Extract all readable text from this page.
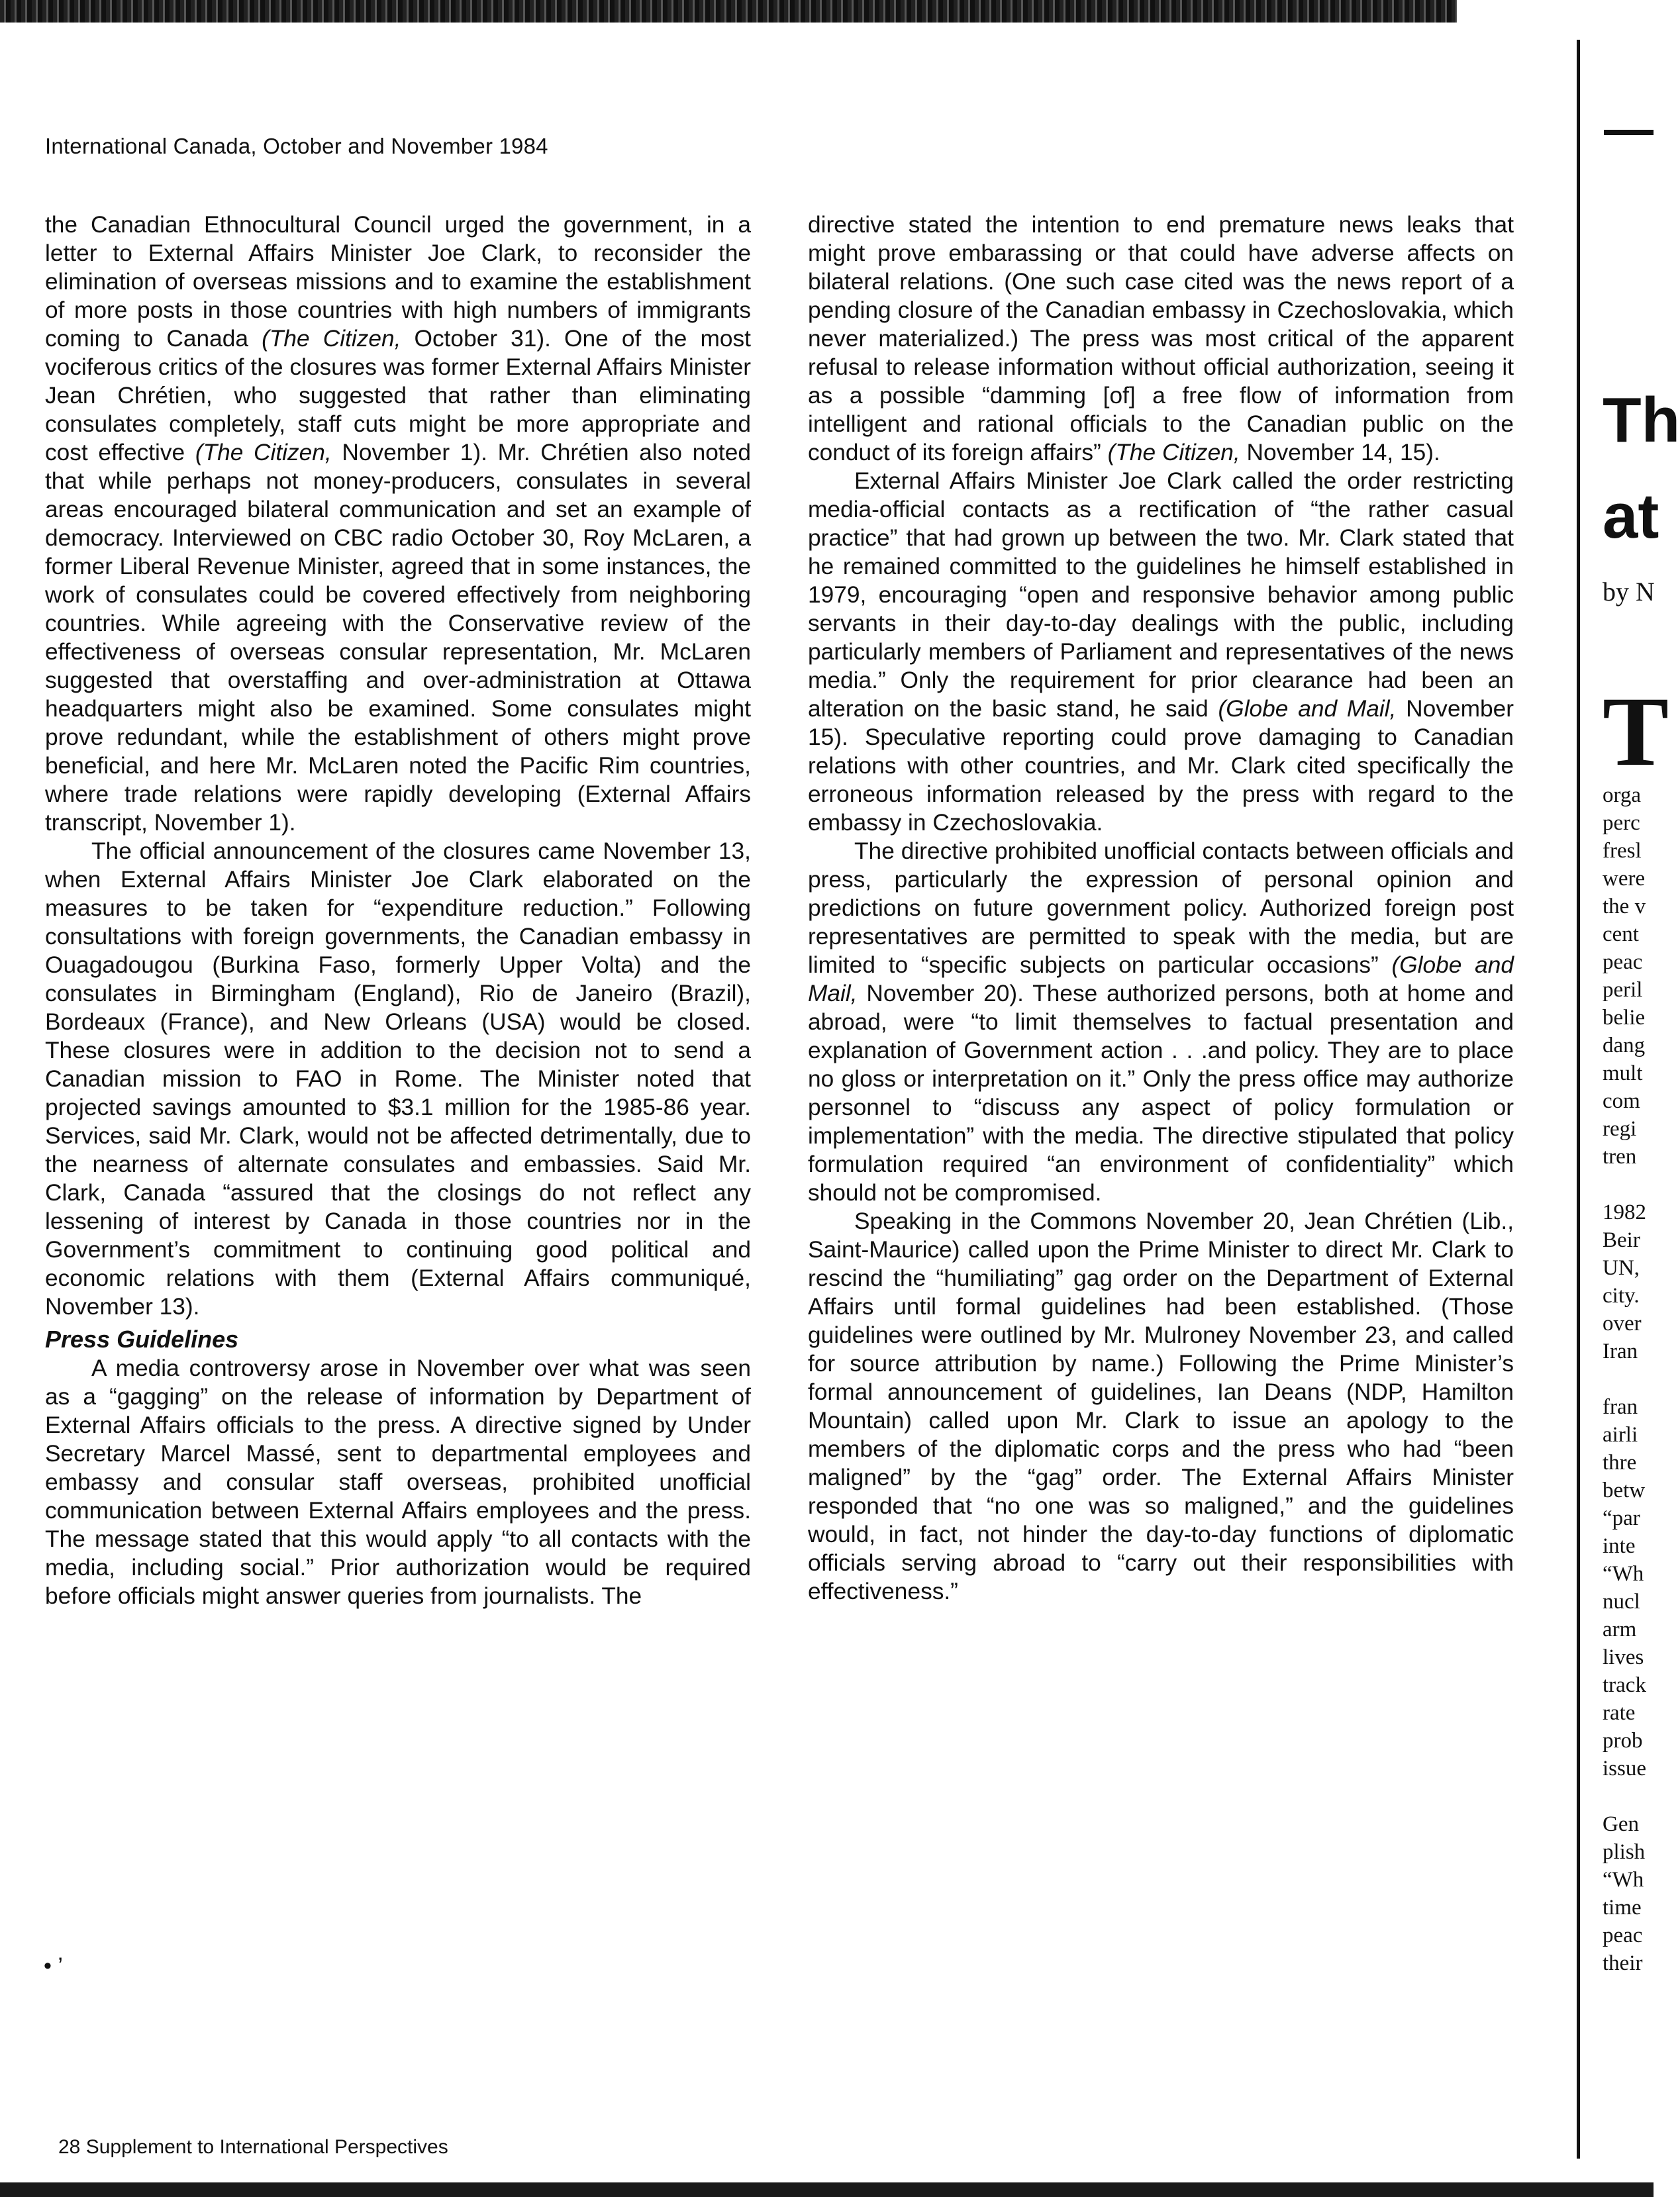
International Canada, October and November 1984

the Canadian Ethnocultural Council urged the government, in a letter to External Affairs Minister Joe Clark, to reconsider the elimination of overseas missions and to examine the establishment of more posts in those countries with high numbers of immigrants coming to Canada (The Citizen, October 31). One of the most vociferous critics of the closures was former External Affairs Minister Jean Chrétien, who suggested that rather than eliminating consulates completely, staff cuts might be more appropriate and cost effective (The Citizen, November 1). Mr. Chrétien also noted that while perhaps not money-producers, consulates in several areas encouraged bilateral communication and set an example of democracy. Interviewed on CBC radio October 30, Roy McLaren, a former Liberal Revenue Minister, agreed that in some instances, the work of consulates could be covered effectively from neighboring countries. While agreeing with the Conservative review of the effectiveness of overseas consular representation, Mr. McLaren suggested that overstaffing and over-administration at Ottawa headquarters might also be examined. Some consulates might prove redundant, while the establishment of others might prove beneficial, and here Mr. McLaren noted the Pacific Rim countries, where trade relations were rapidly developing (External Affairs transcript, November 1).

The official announcement of the closures came November 13, when External Affairs Minister Joe Clark elaborated on the measures to be taken for “expenditure reduction.” Following consultations with foreign governments, the Canadian embassy in Ouagadougou (Burkina Faso, formerly Upper Volta) and the consulates in Birmingham (England), Rio de Janeiro (Brazil), Bordeaux (France), and New Orleans (USA) would be closed. These closures were in addition to the decision not to send a Canadian mission to FAO in Rome. The Minister noted that projected savings amounted to $3.1 million for the 1985-86 year. Services, said Mr. Clark, would not be affected detrimentally, due to the nearness of alternate consulates and embassies. Said Mr. Clark, Canada “assured that the closings do not reflect any lessening of interest by Canada in those countries nor in the Government’s commitment to continuing good political and economic relations with them (External Affairs communiqué, November 13).

Press Guidelines

A media controversy arose in November over what was seen as a “gagging” on the release of information by Department of External Affairs officials to the press. A directive signed by Under Secretary Marcel Massé, sent to departmental employees and embassy and consular staff overseas, prohibited unofficial communication between External Affairs employees and the press. The message stated that this would apply “to all contacts with the media, including social.” Prior authorization would be required before officials might answer queries from journalists. The

directive stated the intention to end premature news leaks that might prove embarassing or that could have adverse affects on bilateral relations. (One such case cited was the news report of a pending closure of the Canadian embassy in Czechoslovakia, which never materialized.) The press was most critical of the apparent refusal to release information without official authorization, seeing it as a possible “damming [of] a free flow of information from intelligent and rational officials to the Canadian public on the conduct of its foreign affairs” (The Citizen, November 14, 15).

External Affairs Minister Joe Clark called the order restricting media-official contacts as a rectification of “the rather casual practice” that had grown up between the two. Mr. Clark stated that he remained committed to the guidelines he himself established in 1979, encouraging “open and responsive behavior among public servants in their day-to-day dealings with the public, including particularly members of Parliament and representatives of the news media.” Only the requirement for prior clearance had been an alteration on the basic stand, he said (Globe and Mail, November 15). Speculative reporting could prove damaging to Canadian relations with other countries, and Mr. Clark cited specifically the erroneous information released by the press with regard to the embassy in Czechoslovakia.

The directive prohibited unofficial contacts between officials and press, particularly the expression of personal opinion and predictions on future government policy. Authorized foreign post representatives are permitted to speak with the media, but are limited to “specific subjects on particular occasions” (Globe and Mail, November 20). These authorized persons, both at home and abroad, were “to limit themselves to factual presentation and explanation of Government action . . .and policy. They are to place no gloss or interpretation on it.” Only the press office may authorize personnel to “discuss any aspect of policy formulation or implementation” with the media. The directive stipulated that policy formulation required “an environment of confidentiality” which should not be compromised.

Speaking in the Commons November 20, Jean Chrétien (Lib., Saint-Maurice) called upon the Prime Minister to direct Mr. Clark to rescind the “humiliating” gag order on the Department of External Affairs until formal guidelines had been established. (Those guidelines were outlined by Mr. Mulroney November 23, and called for source attribution by name.) Following the Prime Minister’s formal announcement of guidelines, Ian Deans (NDP, Hamilton Mountain) called upon Mr. Clark to issue an apology to the members of the diplomatic corps and the press who had “been maligned” by the “gag” order. The External Affairs Minister responded that “no one was so maligned,” and the guidelines would, in fact, not hinder the day-to-day functions of diplomatic officials serving abroad to “carry out their responsibilities with effectiveness.”

• ’
28 Supplement to International Perspectives
Th
at
by N
T
orga
perc
fresl
were
the v
cent
peac
peril
belie
dang
mult
com
regi
tren
1982
Beir
UN,
city.
over
Iran
fran
airli
thre
betw
“par
inte
“Wh
nucl
arm
lives
track
rate
prob
issue
Gen
plish
“Wh
time
peac
their
